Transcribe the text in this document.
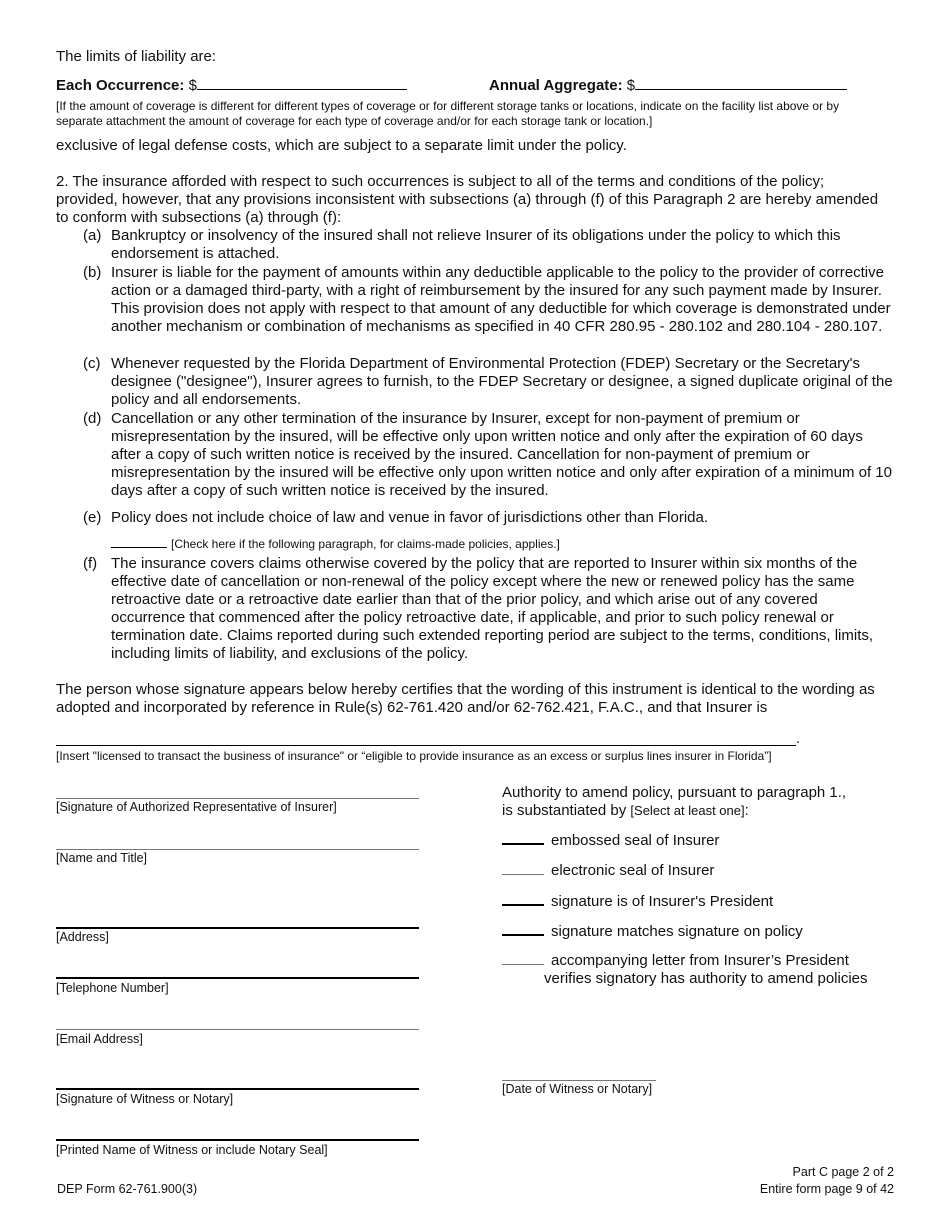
The limits of liability are:
Each Occurrence: $	Annual Aggregate: $
[If the amount of coverage is different for different types of coverage or for different storage tanks or locations, indicate on the facility list above or by separate attachment the amount of coverage for each type of coverage and/or for each storage tank or location.]
exclusive of legal defense costs, which are subject to a separate limit under the policy.
2. The insurance afforded with respect to such occurrences is subject to all of the terms and conditions of the policy; provided, however, that any provisions inconsistent with subsections (a) through (f) of this Paragraph 2 are hereby amended to conform with subsections (a) through (f):
(a) Bankruptcy or insolvency of the insured shall not relieve Insurer of its obligations under the policy to which this endorsement is attached.
(b) Insurer is liable for the payment of amounts within any deductible applicable to the policy to the provider of corrective action or a damaged third-party, with a right of reimbursement by the insured for any such payment made by Insurer. This provision does not apply with respect to that amount of any deductible for which coverage is demonstrated under another mechanism or combination of mechanisms as specified in 40 CFR 280.95 - 280.102 and 280.104 - 280.107.
(c) Whenever requested by the Florida Department of Environmental Protection (FDEP) Secretary or the Secretary's designee ("designee"), Insurer agrees to furnish, to the FDEP Secretary or designee, a signed duplicate original of the policy and all endorsements.
(d) Cancellation or any other termination of the insurance by Insurer, except for non-payment of premium or misrepresentation by the insured, will be effective only upon written notice and only after the expiration of 60 days after a copy of such written notice is received by the insured. Cancellation for non-payment of premium or misrepresentation by the insured will be effective only upon written notice and only after expiration of a minimum of 10 days after a copy of such written notice is received by the insured.
(e) Policy does not include choice of law and venue in favor of jurisdictions other than Florida.
[Check here if the following paragraph, for claims-made policies, applies.]
(f) The insurance covers claims otherwise covered by the policy that are reported to Insurer within six months of the effective date of cancellation or non-renewal of the policy except where the new or renewed policy has the same retroactive date or a retroactive date earlier than that of the prior policy, and which arise out of any covered occurrence that commenced after the policy retroactive date, if applicable, and prior to such policy renewal or termination date. Claims reported during such extended reporting period are subject to the terms, conditions, limits, including limits of liability, and exclusions of the policy.
The person whose signature appears below hereby certifies that the wording of this instrument is identical to the wording as adopted and incorporated by reference in Rule(s) 62-761.420 and/or 62-762.421, F.A.C., and that Insurer is
.
[Insert "licensed to transact the business of insurance" or “eligible to provide insurance as an excess or surplus lines insurer in Florida”]
[Signature of Authorized Representative of Insurer]
[Name and Title]
[Address]
[Telephone Number]
[Email Address]
[Signature of Witness or Notary]
[Printed Name of Witness or include Notary Seal]
Authority to amend policy, pursuant to paragraph 1.,
is substantiated by [Select at least one]:
embossed seal of Insurer
electronic seal of Insurer
signature is of Insurer's President
signature matches signature on policy
accompanying letter from Insurer’s President
verifies signatory has authority to amend policies
[Date of Witness or Notary]
DEP Form 62-761.900(3)
Part C page 2 of 2
Entire form page 9 of 42
